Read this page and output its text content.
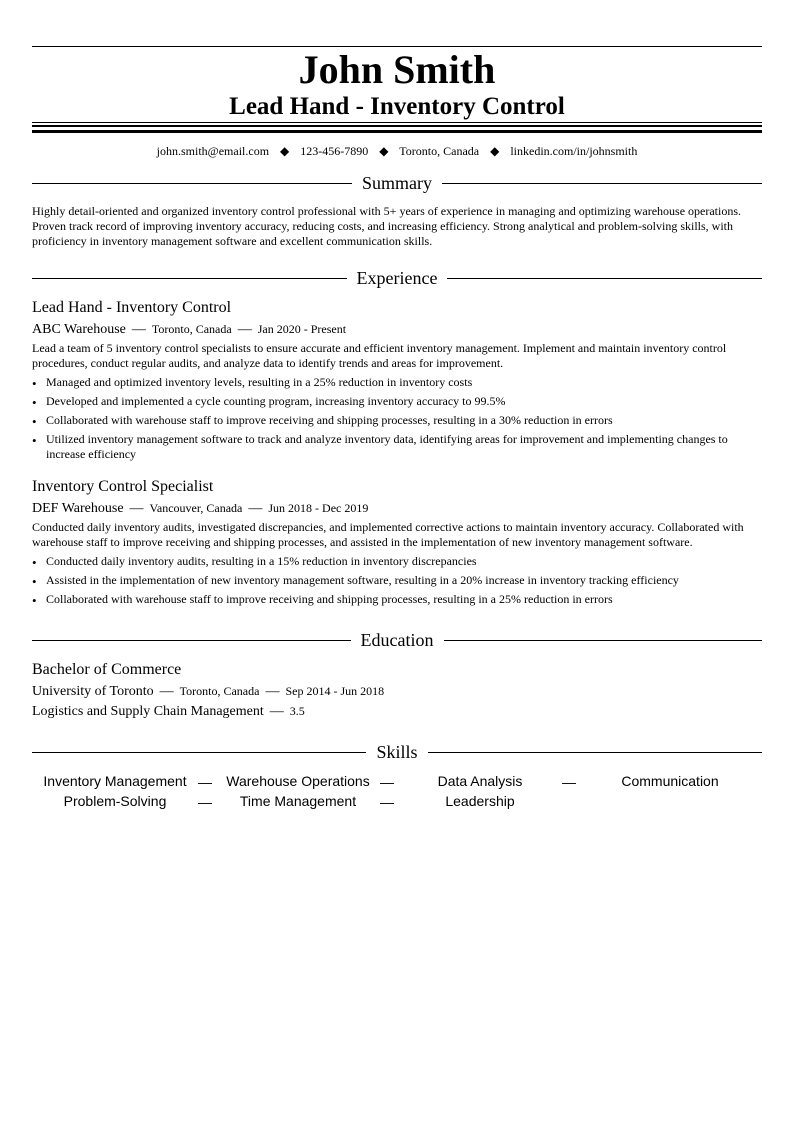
John Smith
Lead Hand - Inventory Control
john.smith@email.com ◆ 123-456-7890 ◆ Toronto, Canada ◆ linkedin.com/in/johnsmith
Summary
Highly detail-oriented and organized inventory control professional with 5+ years of experience in managing and optimizing warehouse operations. Proven track record of improving inventory accuracy, reducing costs, and increasing efficiency. Strong analytical and problem-solving skills, with proficiency in inventory management software and excellent communication skills.
Experience
Lead Hand - Inventory Control
ABC Warehouse — Toronto, Canada — Jan 2020 - Present
Lead a team of 5 inventory control specialists to ensure accurate and efficient inventory management. Implement and maintain inventory control procedures, conduct regular audits, and analyze data to identify trends and areas for improvement.
• Managed and optimized inventory levels, resulting in a 25% reduction in inventory costs
• Developed and implemented a cycle counting program, increasing inventory accuracy to 99.5%
• Collaborated with warehouse staff to improve receiving and shipping processes, resulting in a 30% reduction in errors
• Utilized inventory management software to track and analyze inventory data, identifying areas for improvement and implementing changes to increase efficiency
Inventory Control Specialist
DEF Warehouse — Vancouver, Canada — Jun 2018 - Dec 2019
Conducted daily inventory audits, investigated discrepancies, and implemented corrective actions to maintain inventory accuracy. Collaborated with warehouse staff to improve receiving and shipping processes, and assisted in the implementation of new inventory management software.
• Conducted daily inventory audits, resulting in a 15% reduction in inventory discrepancies
• Assisted in the implementation of new inventory management software, resulting in a 20% increase in inventory tracking efficiency
• Collaborated with warehouse staff to improve receiving and shipping processes, resulting in a 25% reduction in errors
Education
Bachelor of Commerce
University of Toronto — Toronto, Canada — Sep 2014 - Jun 2018
Logistics and Supply Chain Management — 3.5
Skills
Inventory Management —	Warehouse Operations —	Data Analysis	—	Communication
Problem-Solving	—	Time Management	—	Leadership
